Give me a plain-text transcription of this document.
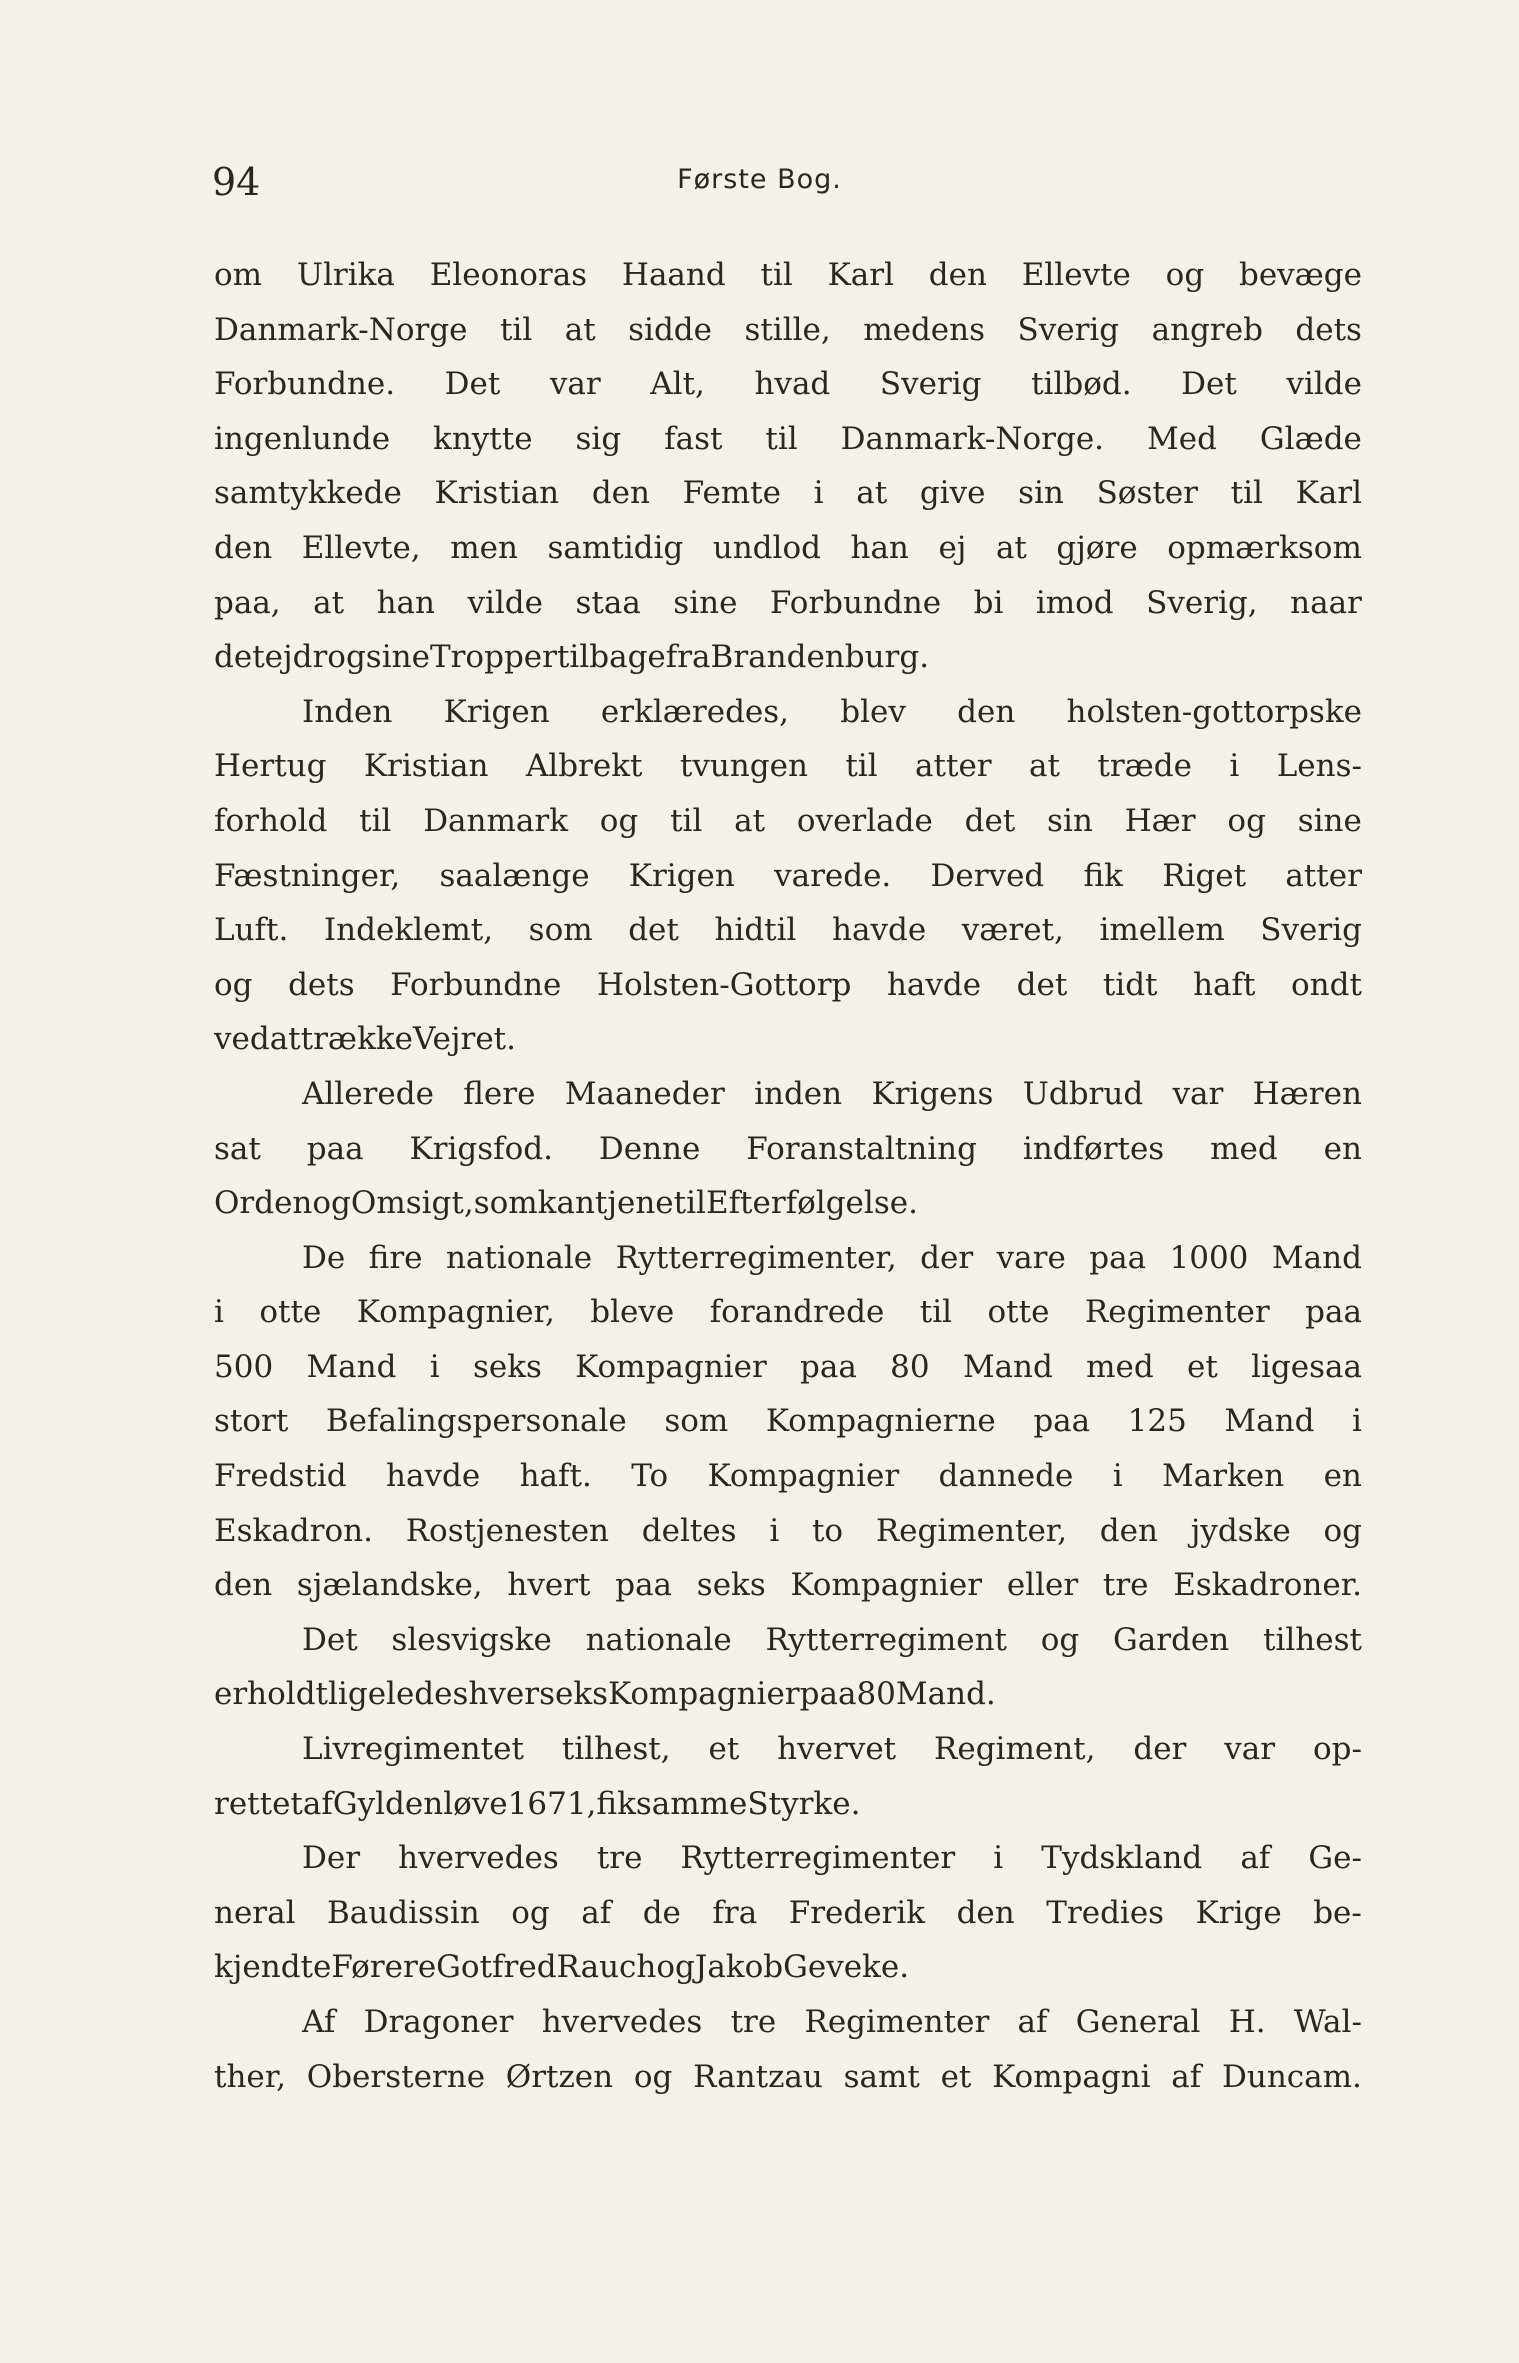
94	Første Bog.
om Ulrika Eleonoras Haand til Karl den Ellevte og bevæge
Danmark-Norge til at sidde stille, medens Sverig angreb dets
Forbundne. Det var Alt, hvad Sverig tilbød. Det vilde
ingenlunde knytte sig fast til Danmark-Norge. Med Glæde
samtykkede Kristian den Femte i at give sin Søster til Karl
den Ellevte, men samtidig undlod han ej at gjøre opmærksom
paa, at han vilde staa sine Forbundne bi imod Sverig, naar
det ej drog sine Tropper tilbage fra Brandenburg.
Inden Krigen erklæredes, blev den holsten-gottorpske
Hertug Kristian Albrekt tvungen til atter at træde i Lens-
forhold til Danmark og til at overlade det sin Hær og sine
Fæstninger, saalænge Krigen varede. Derved fik Riget atter
Luft. Indeklemt, som det hidtil havde været, imellem Sverig
og dets Forbundne Holsten-Gottorp havde det tidt haft ondt
ved at trække Vejret.
Allerede flere Maaneder inden Krigens Udbrud var Hæren
sat paa Krigsfod. Denne Foranstaltning indførtes med en
Orden og Omsigt, som kan tjene til Efterfølgelse.
De fire nationale Rytterregimenter, der vare paa 1000 Mand
i otte Kompagnier, bleve forandrede til otte Regimenter paa
500 Mand i seks Kompagnier paa 80 Mand med et ligesaa
stort Befalingspersonale som Kompagnierne paa 125 Mand i
Fredstid havde haft. To Kompagnier dannede i Marken en
Eskadron. Rostjenesten deltes i to Regimenter, den jydske og
den sjælandske, hvert paa seks Kompagnier eller tre Eskadroner.
Det slesvigske nationale Rytterregiment og Garden tilhest
erholdt ligeledes hver seks Kompagnier paa 80 Mand.
Livregimentet tilhest, et hvervet Regiment, der var op-
rettet af Gyldenløve 1671, fik samme Styrke.
Der hvervedes tre Rytterregimenter i Tydskland af Ge-
neral Baudissin og af de fra Frederik den Tredies Krige be-
kjendte Førere Gotfred Rauch og Jakob Geveke.
Af Dragoner hvervedes tre Regimenter af General H. Wal-
ther, Obersterne Ørtzen og Rantzau samt et Kompagni af Duncam.
